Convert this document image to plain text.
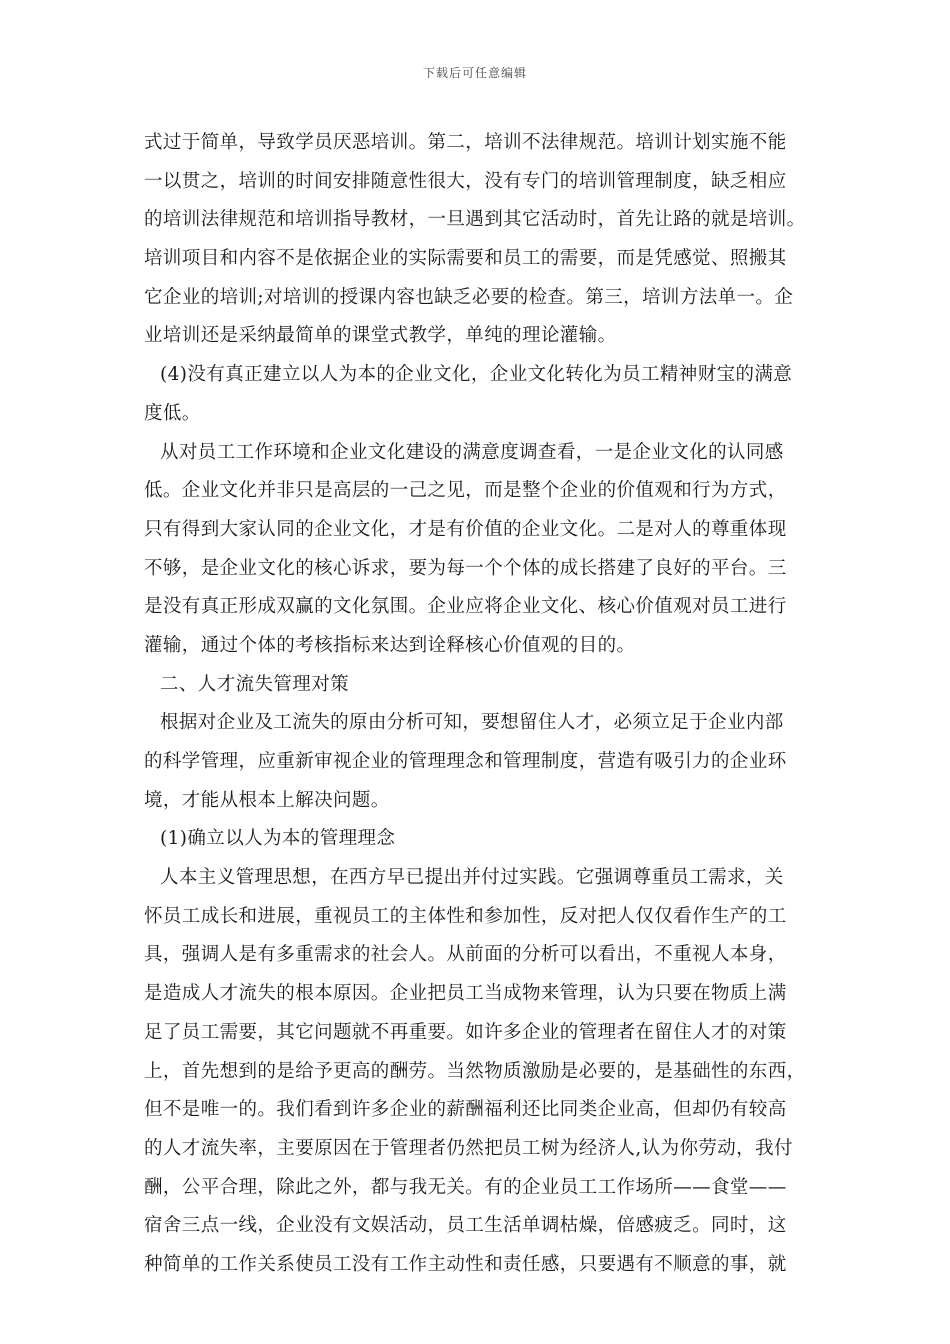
下载后可任意编辑
式过于简单，导致学员厌恶培训。第二，培训不法律规范。培训计划实施不能
一以贯之，培训的时间安排随意性很大，没有专门的培训管理制度，缺乏相应
的培训法律规范和培训指导教材，一旦遇到其它活动时，首先让路的就是培训。
培训项目和内容不是依据企业的实际需要和员工的需要，而是凭感觉、照搬其
它企业的培训;对培训的授课内容也缺乏必要的检查。第三，培训方法单一。企
业培训还是采纳最简单的课堂式教学，单纯的理论灌输。
(4)没有真正建立以人为本的企业文化，企业文化转化为员工精神财宝的满意
度低。
从对员工工作环境和企业文化建设的满意度调查看，一是企业文化的认同感
低。企业文化并非只是高层的一己之见，而是整个企业的价值观和行为方式，
只有得到大家认同的企业文化，才是有价值的企业文化。二是对人的尊重体现
不够，是企业文化的核心诉求，要为每一个个体的成长搭建了良好的平台。三
是没有真正形成双赢的文化氛围。企业应将企业文化、核心价值观对员工进行
灌输，通过个体的考核指标来达到诠释核心价值观的目的。
二、人才流失管理对策
根据对企业及工流失的原由分析可知，要想留住人才，必须立足于企业内部
的科学管理，应重新审视企业的管理理念和管理制度，营造有吸引力的企业环
境，才能从根本上解决问题。
(1)确立以人为本的管理理念
人本主义管理思想，在西方早已提出并付过实践。它强调尊重员工需求，关
怀员工成长和进展，重视员工的主体性和参加性，反对把人仅仅看作生产的工
具，强调人是有多重需求的社会人。从前面的分析可以看出，不重视人本身，
是造成人才流失的根本原因。企业把员工当成物来管理，认为只要在物质上满
足了员工需要，其它问题就不再重要。如许多企业的管理者在留住人才的对策
上，首先想到的是给予更高的酬劳。当然物质激励是必要的，是基础性的东西，
但不是唯一的。我们看到许多企业的薪酬福利还比同类企业高，但却仍有较高
的人才流失率，主要原因在于管理者仍然把员工树为经济人,认为你劳动，我付
酬，公平合理，除此之外，都与我无关。有的企业员工工作场所——食堂——
宿舍三点一线，企业没有文娱活动，员工生活单调枯燥，倍感疲乏。同时，这
种简单的工作关系使员工没有工作主动性和责任感，只要遇有不顺意的事，就
